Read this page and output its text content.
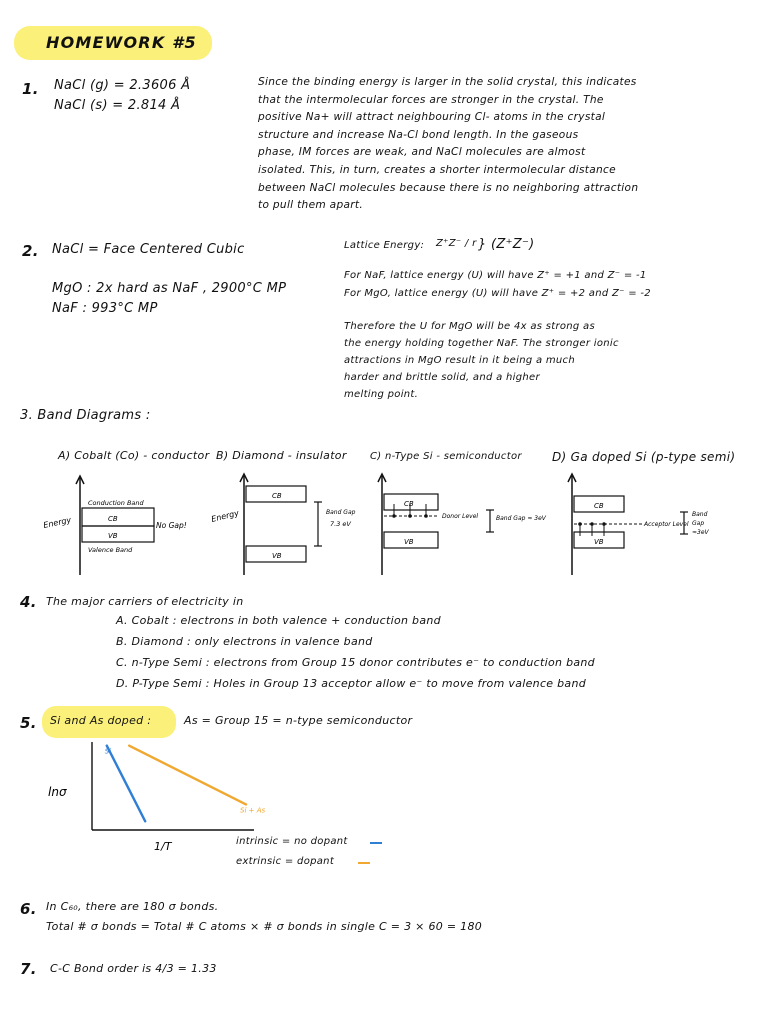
HOMEWORK #5
1. NaCl (g) = 2.3606 Å
NaCl (s) = 2.814 Å
Since the binding energy is larger in the solid crystal, this indicates
that the intermolecular forces are stronger in the crystal. The
positive Na+ will attract neighbouring Cl- atoms in the crystal
structure and increase Na-Cl bond length. In the gaseous
phase, IM forces are weak, and NaCl molecules are almost
isolated. This, in turn, creates a shorter intermolecular distance
between NaCl molecules because there is no neighboring attraction
to pull them apart.
2. NaCl = Face Centered Cubic
MgO : 2x hard as NaF , 2900°C MP
NaF : 993°C MP
Lattice Energy: Z⁺Z⁻ / r } (Z⁺Z⁻)
For NaF, lattice energy (U) will have Z⁺ = +1 and Z⁻ = -1
For MgO, lattice energy (U) will have Z⁺ = +2 and Z⁻ = -2
Therefore the U for MgO will be 4x as strong as
the energy holding together NaF. The stronger ionic
attractions in MgO result in it being a much
harder and brittle solid, and a higher
melting point.
3. Band Diagrams :
A) Cobalt (Co) - conductor B) Diamond - insulator C) n-Type Si - semiconductor	D) Ga doped Si (p-type semi)
Conduction Band
CB
VB
Valence Band
No Gap!
Energy
CB
VB
Band Gap
7.3 eV
Energy
CB
VB
Donor Level	Band Gap ≈ 3eV
CB
VB
Acceptor Level
Band
Gap
≈3eV
4. The major carriers of electricity in
A. Cobalt : electrons in both valence + conduction band
B. Diamond : only electrons in valence band
C. n-Type Semi : electrons from Group 15 donor contributes e⁻ to conduction band
D. P-Type Semi : Holes in Group 13 acceptor allow e⁻ to move from valence band
5. Si and As doped :	As = Group 15 = n-type semiconductor
lnσ
1/T
Si
Si + As
intrinsic = no dopant
extrinsic = dopant
6. In C₆₀, there are 180 σ bonds.
Total # σ bonds = Total # C atoms × # σ bonds in single C = 3 × 60 = 180
7. C-C Bond order is 4/3 = 1.33
